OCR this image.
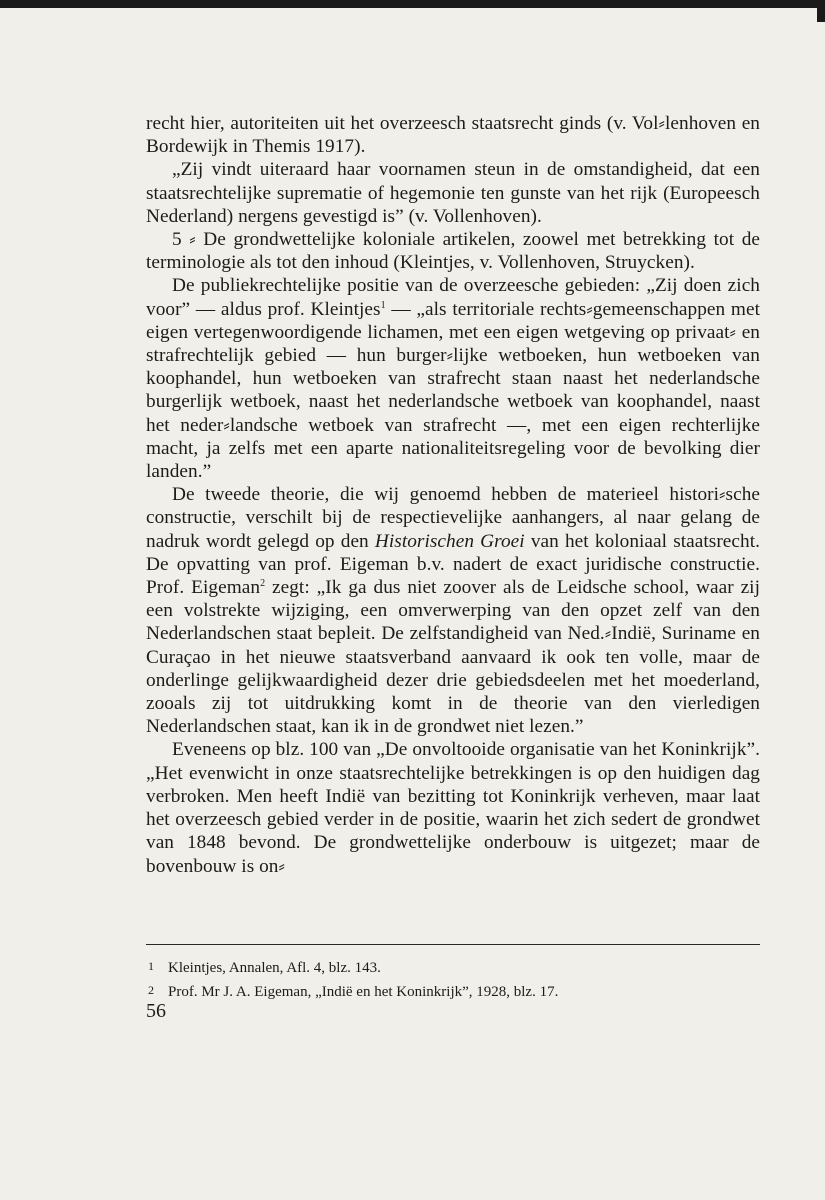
recht hier, autoriteiten uit het overzeesch staatsrecht ginds (v. Vol⸗lenhoven en Bordewijk in Themis 1917).

„Zij vindt uiteraard haar voornamen steun in de omstandigheid, dat een staatsrechtelijke suprematie of hegemonie ten gunste van het rijk (Europeesch Nederland) nergens gevestigd is” (v. Vollenhoven).

5 ⸗ De grondwettelijke koloniale artikelen, zoowel met betrekking tot de terminologie als tot den inhoud (Kleintjes, v. Vollenhoven, Struycken).

De publiekrechtelijke positie van de overzeesche gebieden: „Zij doen zich voor” — aldus prof. Kleintjes$^1$ — „als territoriale rechts⸗gemeenschappen met eigen vertegenwoordigende lichamen, met een eigen wetgeving op privaat⸗ en strafrechtelijk gebied — hun burger⸗lijke wetboeken, hun wetboeken van koophandel, hun wetboeken van strafrecht staan naast het nederlandsche burgerlijk wetboek, naast het nederlandsche wetboek van koophandel, naast het neder⸗landsche wetboek van strafrecht —, met een eigen rechterlijke macht, ja zelfs met een aparte nationaliteitsregeling voor de bevolking dier landen.”

De tweede theorie, die wij genoemd hebben de materieel histori⸗sche constructie, verschilt bij de respectievelijke aanhangers, al naar gelang de nadruk wordt gelegd op den Historischen Groei van het koloniaal staatsrecht. De opvatting van prof. Eigeman b.v. nadert de exact juridische constructie. Prof. Eigeman$^2$ zegt: „Ik ga dus niet zoover als de Leidsche school, waar zij een volstrekte wijziging, een omverwerping van den opzet zelf van den Nederlandschen staat bepleit. De zelfstandigheid van Ned.⸗Indië, Suriname en Curaçao in het nieuwe staatsverband aanvaard ik ook ten volle, maar de onderlinge gelijkwaardigheid dezer drie gebiedsdeelen met het moederland, zooals zij tot uitdrukking komt in de theorie van den vierledigen Nederlandschen staat, kan ik in de grondwet niet lezen.”

Eveneens op blz. 100 van „De onvoltooide organisatie van het Koninkrijk”. „Het evenwicht in onze staatsrechtelijke betrekkingen is op den huidigen dag verbroken. Men heeft Indië van bezitting tot Koninkrijk verheven, maar laat het overzeesch gebied verder in de positie, waarin het zich sedert de grondwet van 1848 bevond. De grondwettelijke onderbouw is uitgezet; maar de bovenbouw is on⸗

1 Kleintjes, Annalen, Afl. 4, blz. 143.

2 Prof. Mr J. A. Eigeman, „Indië en het Koninkrijk”, 1928, blz. 17.

56
